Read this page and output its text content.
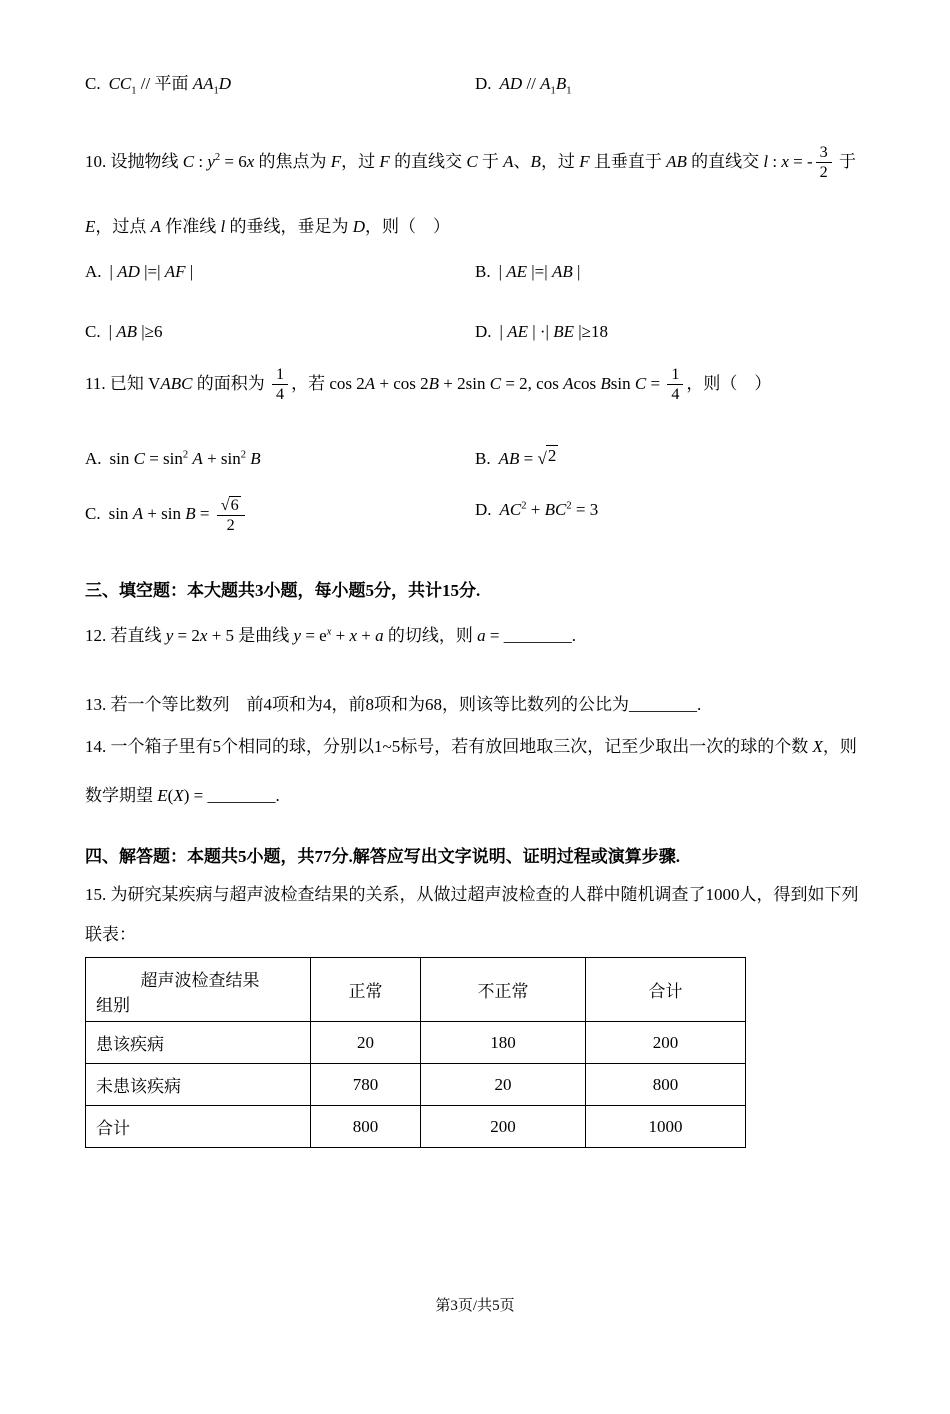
C. $CC_1$ // 平面 $AA_1D$	D. AD // $A_1B_1$
10. 设抛物线 C : $y^2 = 6x$ 的焦点为 F，过 F 的直线交 C 于 A、B，过 F 且垂直于 AB 的直线交 l : x = - $\frac{3}{2}$ 于
E，过点 A 作准线 l 的垂线，垂足为 D，则（　）
A. | AD |=| AF |	B. | AE |=| AB |
C. | AB |≥6	D. | AE | ·| BE |≥18
11. 已知 VABC 的面积为 $\frac{1}{4}$ ，若 cos 2A + cos 2B + 2sin C = 2, cos Acos Bsin $C = \frac{1}{4}$ ，则（　）
A. $\sin C = \sin^2 A + \sin^2 B$	B. AB = √ 2
C. $\sin A + \sin B = \frac{√ 6}{2}$	D. $AC^2 + BC^2 = 3$
三、填空题：本大题共3小题，每小题5分，共计15分.
12. 若直线 y = 2x + 5 是曲线 $y = e^x + x + a$ 的切线，则 a = ________.
13. 若一个等比数列　前4项和为4，前8项和为68，则该等比数列的公比为________.
14. 一个箱子里有5个相同的球，分别以1~5标号，若有放回地取三次，记至少取出一次的球的个数 X，则
数学期望 E(X) = ________.
四、解答题：本题共5小题，共77分.解答应写出文字说明、证明过程或演算步骤.
15. 为研究某疾病与超声波检查结果的关系，从做过超声波检查的人群中随机调查了1000人，得到如下列
联表：
超声波检查结果
组别	正常	不正常	合计
患该疾病	20	180	200
未患该疾病	780	20	800
合计	800	200	1000
第3页/共5页
